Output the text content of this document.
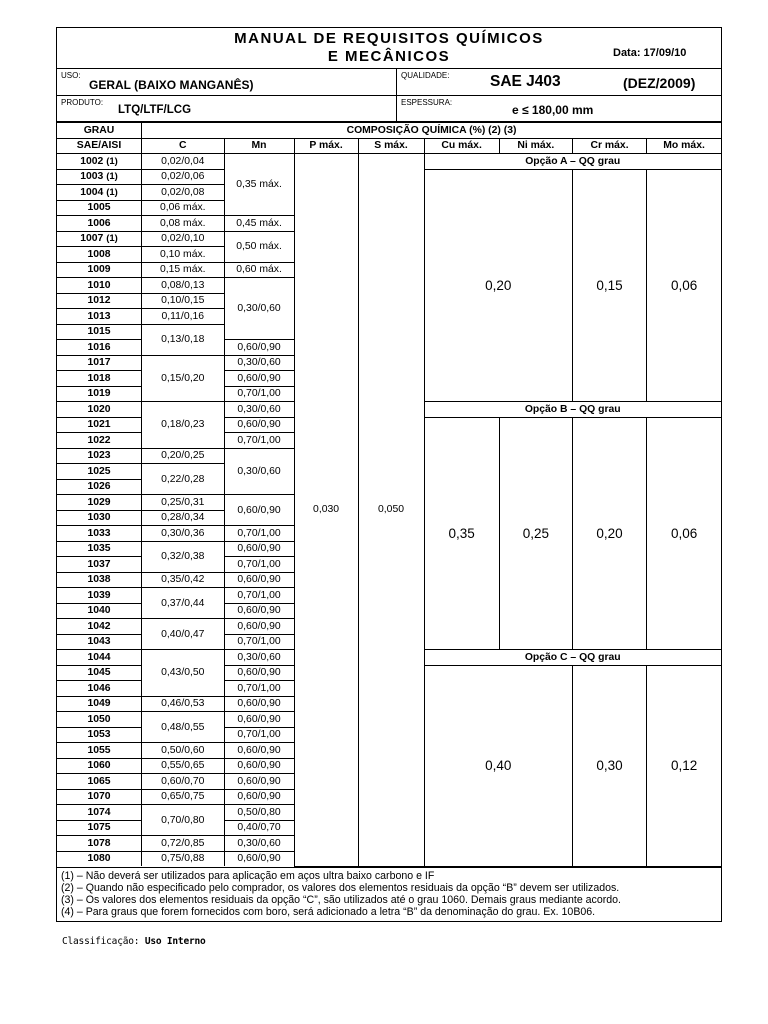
MANUAL DE REQUISITOS QUÍMICOS
E MECÂNICOS	Data: 17/09/10
USO:
GERAL (BAIXO MANGANÊS)
QUALIDADE:	SAE J403	(DEZ/2009)
PRODUTO:
LTQ/LTF/LCG
ESPESSURA:
e ≤ 180,00 mm
GRAU	COMPOSIÇÃO QUÍMICA (%) (2) (3)							
SAE/AISI	C	Mn	P máx.	S máx.	Cu máx.	Ni máx.	Cr máx.	Mo máx.
1002 (1)	0,02/0,04	0,35 máx.	0,030	0,050	Opção A – QQ grau			
1003 (1)	0,02/0,06				0,20		0,15	0,06
1004 (1)	0,02/0,08							
1005	0,06 máx.							
1006	0,08 máx.	0,45 máx.						
1007 (1)	0,02/0,10	0,50 máx.						
1008	0,10 máx.							
1009	0,15 máx.	0,60 máx.						
1010	0,08/0,13	0,30/0,60						
1012	0,10/0,15							
1013	0,11/0,16							
1015	0,13/0,18							
1016		0,60/0,90						
1017	0,15/0,20	0,30/0,60						
1018		0,60/0,90						
1019		0,70/1,00						
1020	0,18/0,23	0,30/0,60			Opção B – QQ grau			
1021		0,60/0,90			0,35	0,25	0,20	0,06
1022		0,70/1,00						
1023	0,20/0,25	0,30/0,60						
1025	0,22/0,28							
1026								
1029	0,25/0,31	0,60/0,90						
1030	0,28/0,34							
1033	0,30/0,36	0,70/1,00						
1035	0,32/0,38	0,60/0,90						
1037		0,70/1,00						
1038	0,35/0,42	0,60/0,90						
1039	0,37/0,44	0,70/1,00						
1040		0,60/0,90						
1042	0,40/0,47	0,60/0,90						
1043		0,70/1,00						
1044	0,43/0,50	0,30/0,60			Opção C – QQ grau			
1045		0,60/0,90			0,40		0,30	0,12
1046		0,70/1,00						
1049	0,46/0,53	0,60/0,90						
1050	0,48/0,55	0,60/0,90						
1053		0,70/1,00						
1055	0,50/0,60	0,60/0,90						
1060	0,55/0,65	0,60/0,90						
1065	0,60/0,70	0,60/0,90						
1070	0,65/0,75	0,60/0,90						
1074	0,70/0,80	0,50/0,80						
1075		0,40/0,70						
1078	0,72/0,85	0,30/0,60						
1080	0,75/0,88	0,60/0,90						
(1) – Não deverá ser utilizados para aplicação em aços ultra baixo carbono e IF
(2) – Quando não especificado pelo comprador, os valores dos elementos residuais da opção “B” devem ser utilizados.
(3) – Os valores dos elementos residuais da opção “C”, são utilizados até o grau 1060. Demais graus mediante acordo.
(4) – Para graus que forem fornecidos com boro, será adicionado a letra “B” da denominação do grau. Ex. 10B06.
Classificação: Uso Interno
